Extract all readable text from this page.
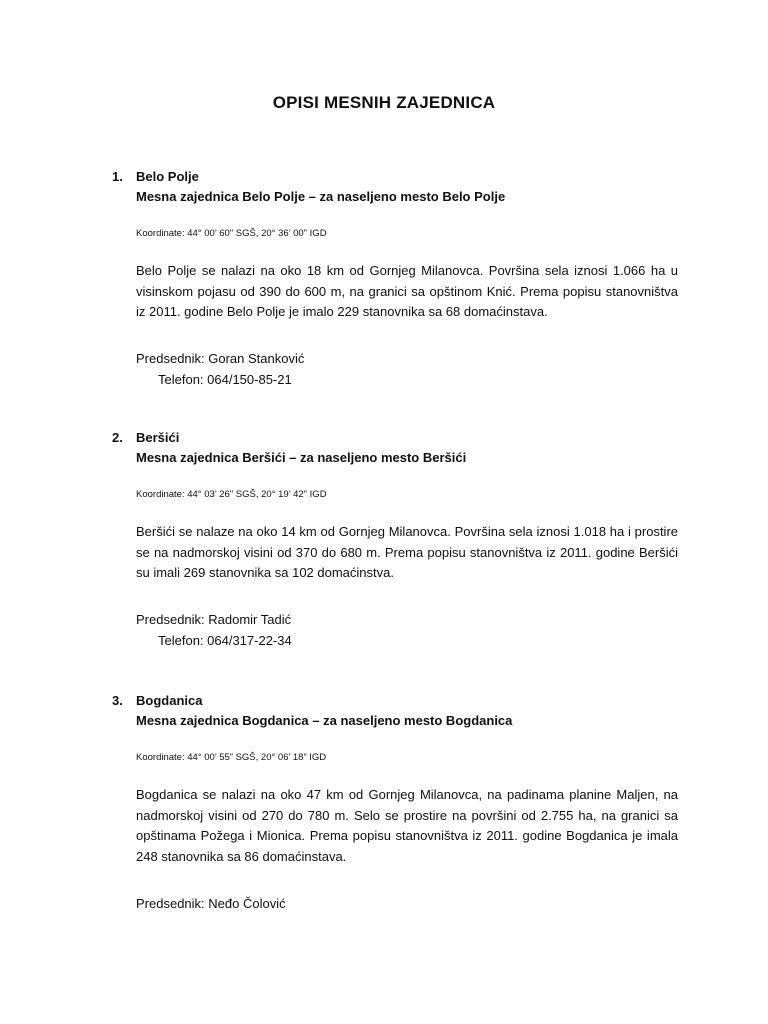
OPISI MESNIH ZAJEDNICA
1. Belo Polje
Mesna zajednica Belo Polje – za naseljeno mesto Belo Polje
Koordinate: 44° 00’ 60" SGŠ, 20° 36’ 00" IGD
Belo Polje se nalazi na oko 18 km od Gornjeg Milanovca. Površina sela iznosi 1.066 ha u visinskom pojasu od 390 do 600 m, na granici sa opštinom Knić. Prema popisu stanovništva iz 2011. godine Belo Polje je imalo 229 stanovnika sa 68 domaćinstava.
Predsednik: Goran Stanković
Telefon: 064/150-85-21
2. Beršići
Mesna zajednica Beršići – za naseljeno mesto Beršići
Koordinate: 44° 03’ 26" SGŠ, 20° 19’ 42" IGD
Beršići se nalaze na oko 14 km od Gornjeg Milanovca. Površina sela iznosi 1.018 ha i prostire se na nadmorskoj visini od 370 do 680 m. Prema popisu stanovništva iz 2011. godine Beršići su imali 269 stanovnika sa 102 domaćinstva.
Predsednik: Radomir Tadić
Telefon: 064/317-22-34
3. Bogdanica
Mesna zajednica Bogdanica – za naseljeno mesto Bogdanica
Koordinate: 44° 00’ 55” SGŠ, 20° 06’ 18” IGD
Bogdanica se nalazi na oko 47 km od Gornjeg Milanovca, na padinama planine Maljen, na nadmorskoj visini od 270 do 780 m. Selo se prostire na površini od 2.755 ha, na granici sa opštinama Požega i Mionica. Prema popisu stanovništva iz 2011. godine Bogdanica je imala 248 stanovnika sa 86 domaćinstava.
Predsednik: Neđo Čolović
